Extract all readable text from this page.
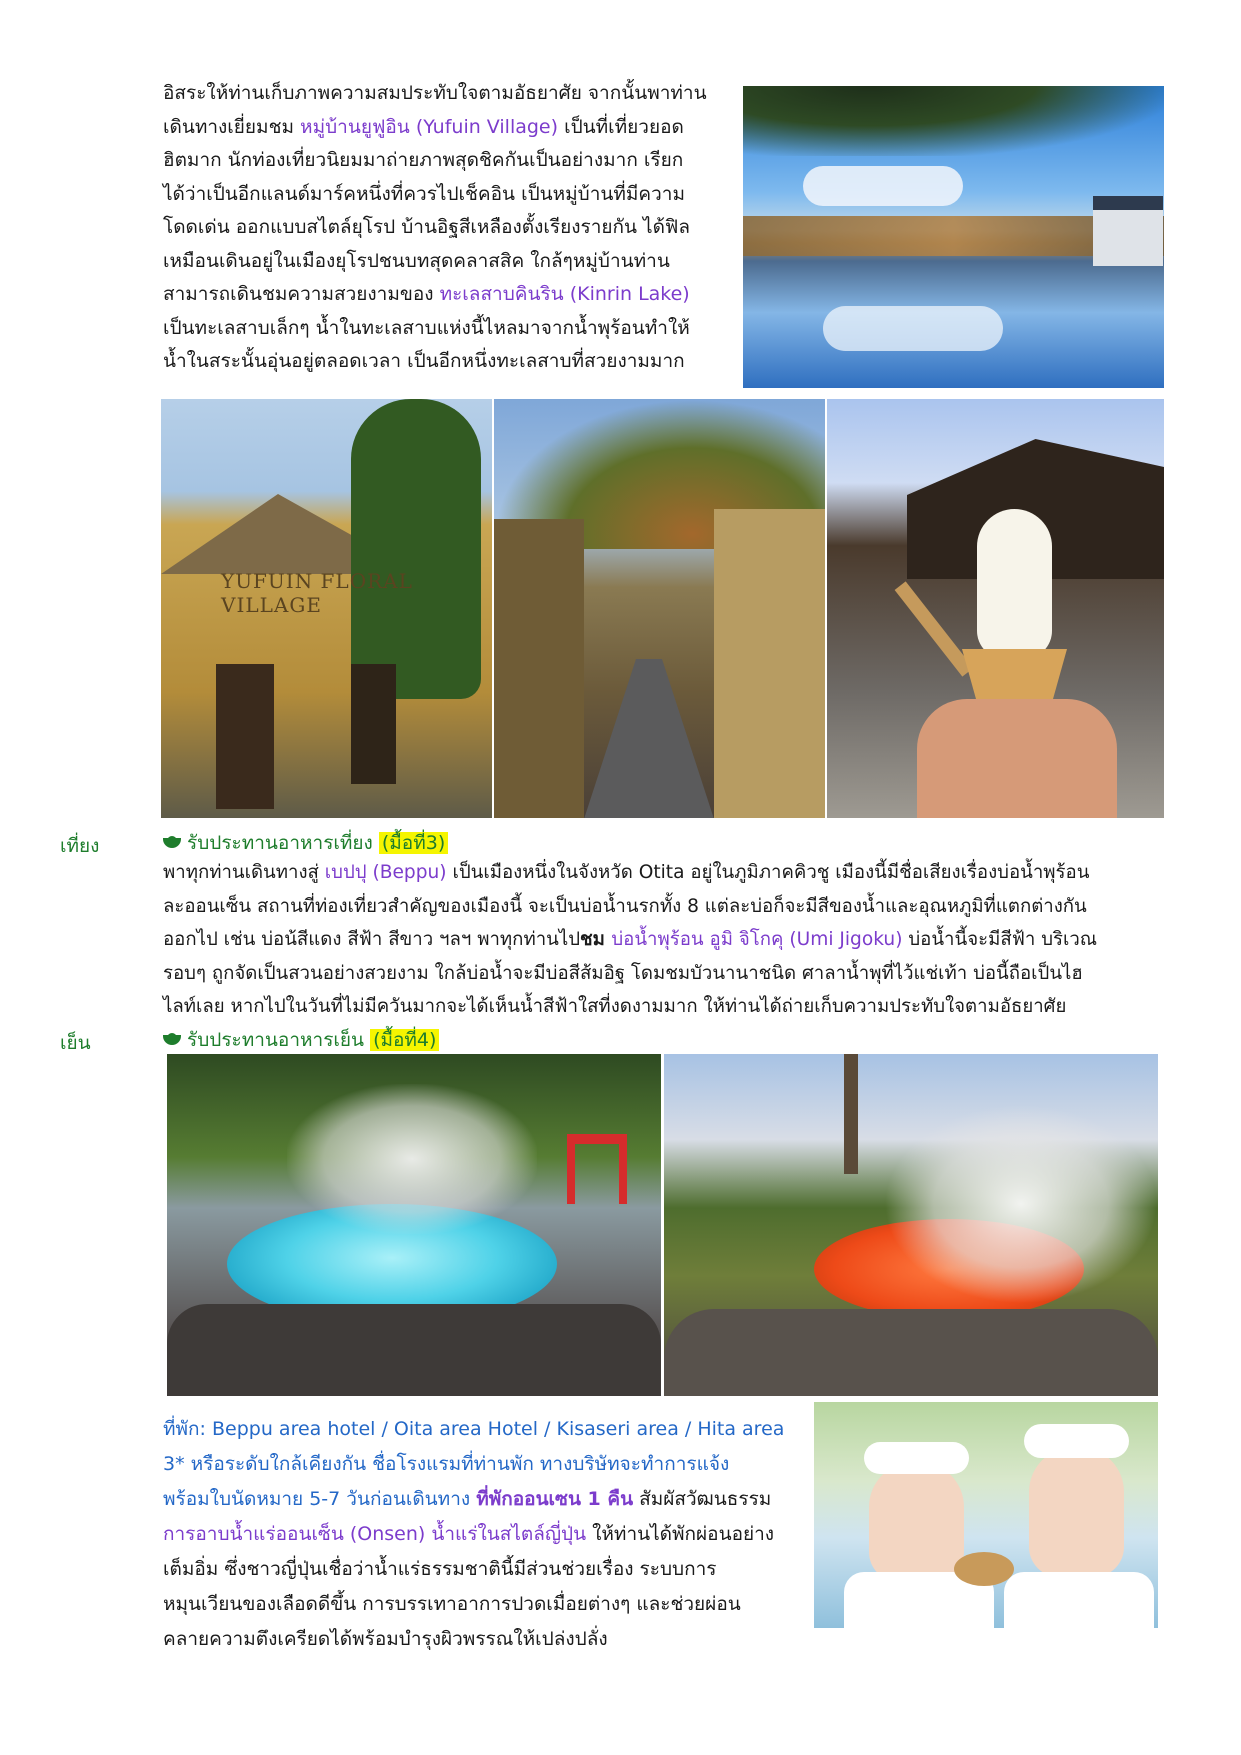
อิสระให้ท่านเก็บภาพความสมประทับใจตามอัธยาศัย จากนั้นพาท่าน
เดินทางเยี่ยมชม หมู่บ้านยูฟูอิน (Yufuin Village) เป็นที่เที่ยวยอด
ฮิตมาก นักท่องเที่ยวนิยมมาถ่ายภาพสุดชิคกันเป็นอย่างมาก เรียก
ได้ว่าเป็นอีกแลนด์มาร์คหนึ่งที่ควรไปเช็คอิน เป็นหมู่บ้านที่มีความ
โดดเด่น ออกแบบสไตล์ยุโรป บ้านอิฐสีเหลืองตั้งเรียงรายกัน ได้ฟิล
เหมือนเดินอยู่ในเมืองยุโรปชนบทสุดคลาสสิค ใกล้ๆหมู่บ้านท่าน
สามารถเดินชมความสวยงามของ ทะเลสาบคินริน (Kinrin Lake)
เป็นทะเลสาบเล็กๆ น้ำในทะเลสาบแห่งนี้ไหลมาจากน้ำพุร้อนทำให้
น้ำในสระนั้นอุ่นอยู่ตลอดเวลา เป็นอีกหนึ่งทะเลสาบที่สวยงามมาก
YUFUIN FLORAL VILLAGE
เที่ยง	รับประทานอาหารเที่ยง (มื้อที่3)
พาทุกท่านเดินทางสู่ เบปปุ (Beppu) เป็นเมืองหนึ่งในจังหวัด Otita อยู่ในภูมิภาคคิวชู เมืองนี้มีชื่อเสียงเรื่องบ่อน้ำพุร้อน
ละออนเซ็น สถานที่ท่องเที่ยวสำคัญของเมืองนี้ จะเป็นบ่อน้ำนรกทั้ง 8 แต่ละบ่อก็จะมีสีของน้ำและอุณหภูมิที่แตกต่างกัน
ออกไป เช่น บ่อน้สีแดง สีฟ้า สีขาว ฯลฯ พาทุกท่านไปชม บ่อน้ำพุร้อน อูมิ จิโกคุ (Umi Jigoku) บ่อน้ำนี้จะมีสีฟ้า บริเวณ
รอบๆ ถูกจัดเป็นสวนอย่างสวยงาม ใกล้บ่อน้ำจะมีบ่อสีส้มอิฐ โดมชมบัวนานาชนิด ศาลาน้ำพุที่ไว้แช่เท้า บ่อนี้ถือเป็นไฮ
ไลท์เลย หากไปในวันที่ไม่มีควันมากจะได้เห็นน้ำสีฟ้าใสที่งดงามมาก ให้ท่านได้ถ่ายเก็บความประทับใจตามอัธยาศัย
เย็น	รับประทานอาหารเย็น (มื้อที่4)
ที่พัก: Beppu area hotel / Oita area Hotel / Kisaseri area / Hita area
3* หรือระดับใกล้เคียงกัน ชื่อโรงแรมที่ท่านพัก ทางบริษัทจะทำการแจ้ง
พร้อมใบนัดหมาย 5-7 วันก่อนเดินทาง ที่พักออนเซน 1 คืน สัมผัสวัฒนธรรม
การอาบน้ำแร่ออนเซ็น (Onsen) น้ำแร่ในสไตล์ญี่ปุ่น ให้ท่านได้พักผ่อนอย่าง
เต็มอิ่ม ซึ่งชาวญี่ปุ่นเชื่อว่าน้ำแร่ธรรมชาตินี้มีส่วนช่วยเรื่อง ระบบการ
หมุนเวียนของเลือดดีขึ้น การบรรเทาอาการปวดเมื่อยต่างๆ และช่วยผ่อน
คลายความตึงเครียดได้พร้อมบำรุงผิวพรรณให้เปล่งปลั่ง
